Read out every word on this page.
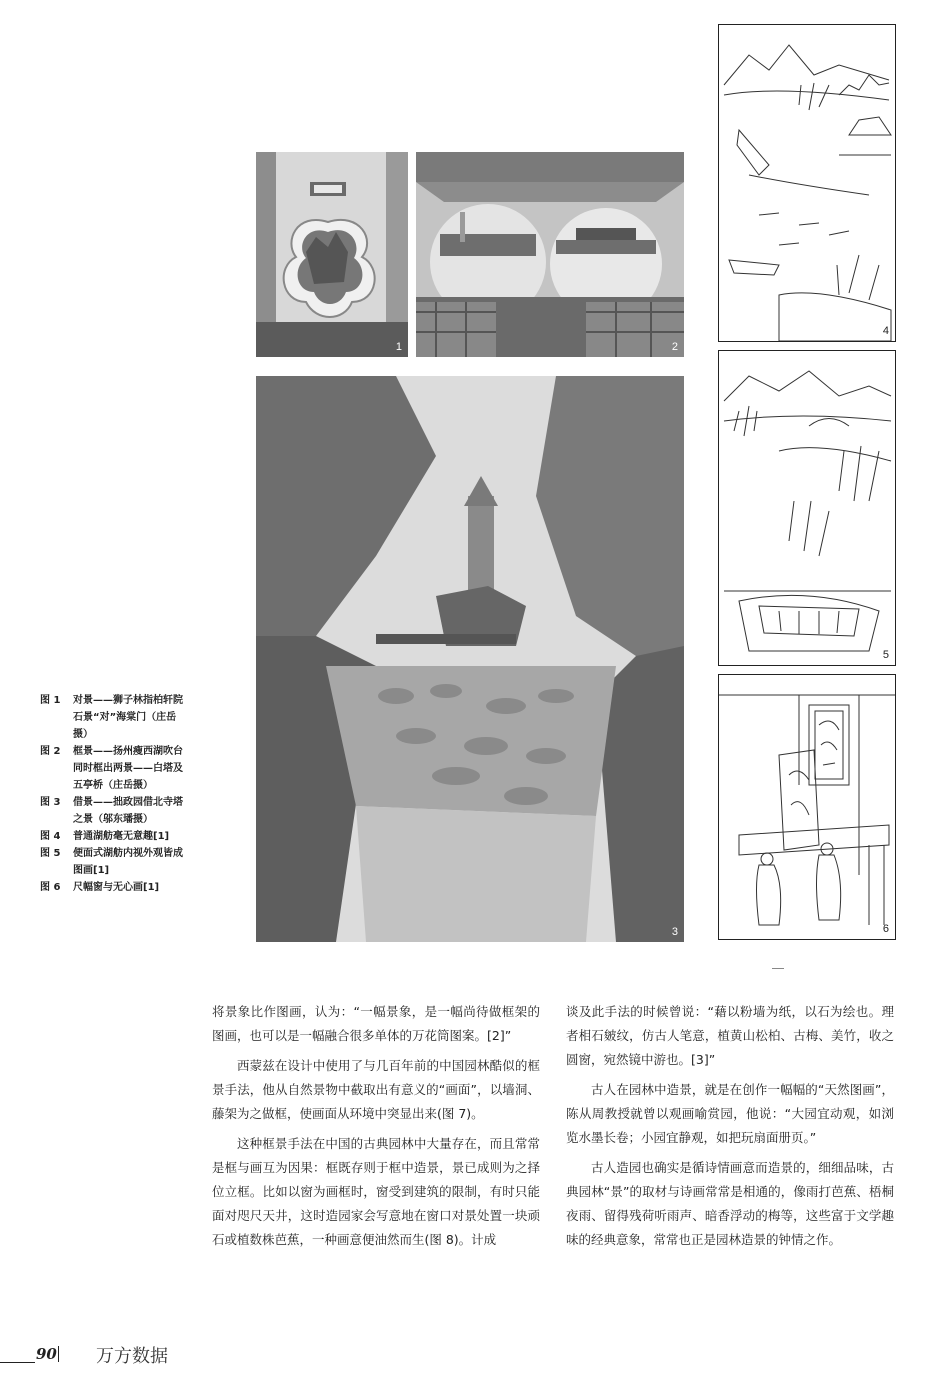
1	2
3
4
5
6
图 1	对景——狮子林指柏轩院石景“对”海棠门（庄岳摄）
图 2	框景——扬州瘦西湖吹台同时框出两景——白塔及五亭桥（庄岳摄）
图 3	借景——拙政园借北寺塔之景（邬东璠摄）
图 4	普通湖舫毫无意趣[1]
图 5	便面式湖舫内视外观皆成图画[1]
图 6	尺幅窗与无心画[1]

将景象比作图画，认为：“一幅景象，是一幅尚待做框架的图画，也可以是一幅融合很多单体的万花筒图案。[2]”

西蒙兹在设计中使用了与几百年前的中国园林酷似的框景手法，他从自然景物中截取出有意义的“画面”，以墙洞、藤架为之做框，使画面从环境中突显出来(图 7)。

这种框景手法在中国的古典园林中大量存在，而且常常是框与画互为因果：框既存则于框中造景，景已成则为之择位立框。比如以窗为画框时，窗受到建筑的限制，有时只能面对咫尺天井，这时造园家会写意地在窗口对景处置一块顽石或植数株芭蕉，一种画意便油然而生(图 8)。计成

谈及此手法的时候曾说：“藉以粉墙为纸，以石为绘也。理者相石皴纹，仿古人笔意，植黄山松柏、古梅、美竹，收之圆窗，宛然镜中游也。[3]”

古人在园林中造景，就是在创作一幅幅的“天然图画”，陈从周教授就曾以观画喻赏园，他说：“大园宜动观，如浏览水墨长卷；小园宜静观，如把玩扇面册页。”

古人造园也确实是循诗情画意而造景的，细细品味，古典园林“景”的取材与诗画常常是相通的，像雨打芭蕉、梧桐夜雨、留得残荷听雨声、暗香浮动的梅等，这些富于文学趣味的经典意象，常常也正是园林造景的钟情之作。

90 万方数据
